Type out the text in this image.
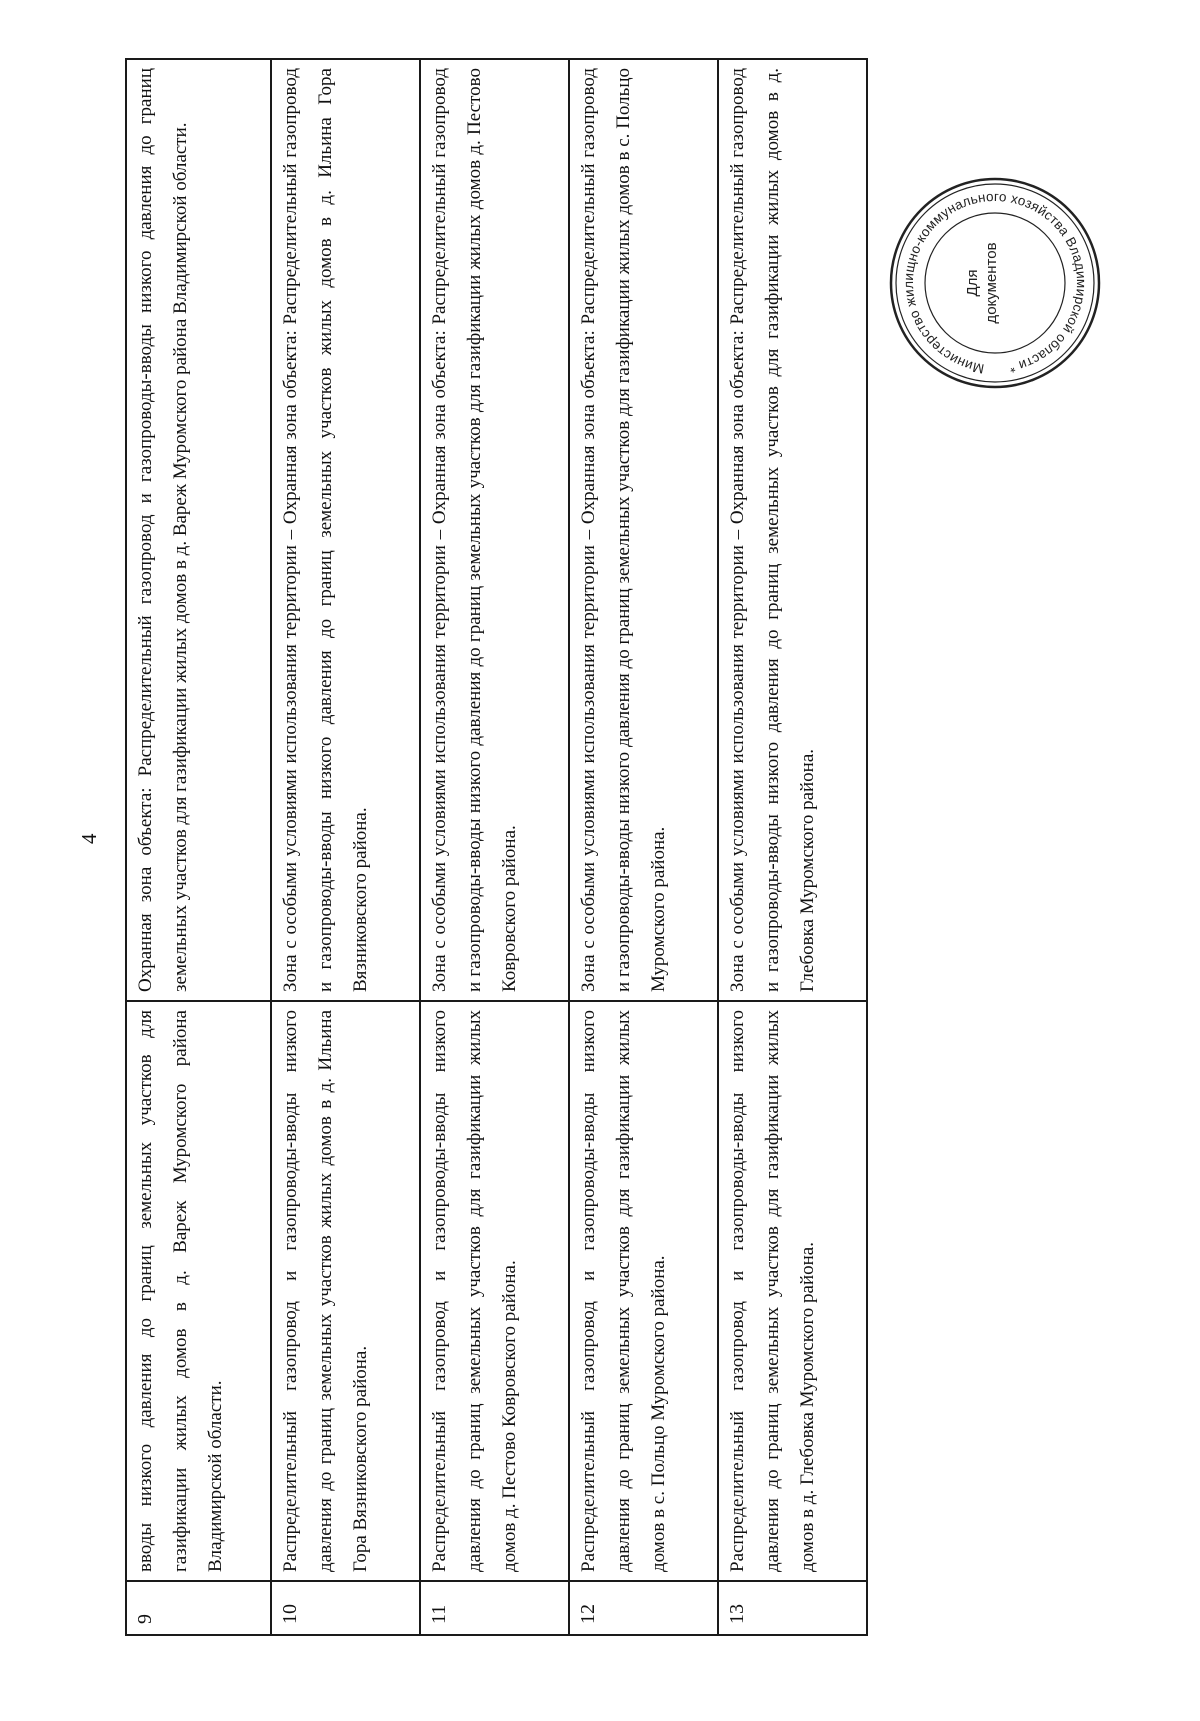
4
9	вводы низкого давления до границ земельных участков для газификации жилых домов в д. Вареж Муромского района Владимирской области.	Охранная зона объекта: Распределительный газопровод и газопроводы-вводы низкого давления до границ земельных участков для газификации жилых домов в д. Вареж Муромского района Владимирской области.
10	Распределительный газопровод и газопроводы-вводы низкого давления до границ земельных участков жилых домов в д. Ильина Гора Вязниковского района.	Зона с особыми условиями использования территории – Охранная зона объекта: Распределительный газопровод и газопроводы-вводы низкого давления до границ земельных участков жилых домов в д. Ильина Гора Вязниковского района.
11	Распределительный газопровод и газопроводы-вводы низкого давления до границ земельных участков для газификации жилых домов д. Пестово Ковровского района.	Зона с особыми условиями использования территории – Охранная зона объекта: Распределительный газопровод и газопроводы-вводы низкого давления до границ земельных участков для газификации жилых домов д. Пестово Ковровского района.
12	Распределительный газопровод и газопроводы-вводы низкого давления до границ земельных участков для газификации жилых домов в с. Польцо Муромского района.	Зона с особыми условиями использования территории – Охранная зона объекта: Распределительный газопровод и газопроводы-вводы низкого давления до границ земельных участков для газификации жилых домов в с. Польцо Муромского района.
13	Распределительный газопровод и газопроводы-вводы низкого давления до границ земельных участков для газификации жилых домов в д. Глебовка Муромского района.	Зона с особыми условиями использования территории – Охранная зона объекта: Распределительный газопровод и газопроводы-вводы низкого давления до границ земельных участков для газификации жилых домов в д. Глебовка Муромского района.
Министерство жилищно-коммунального хозяйства Владимирской области *
Для документов
